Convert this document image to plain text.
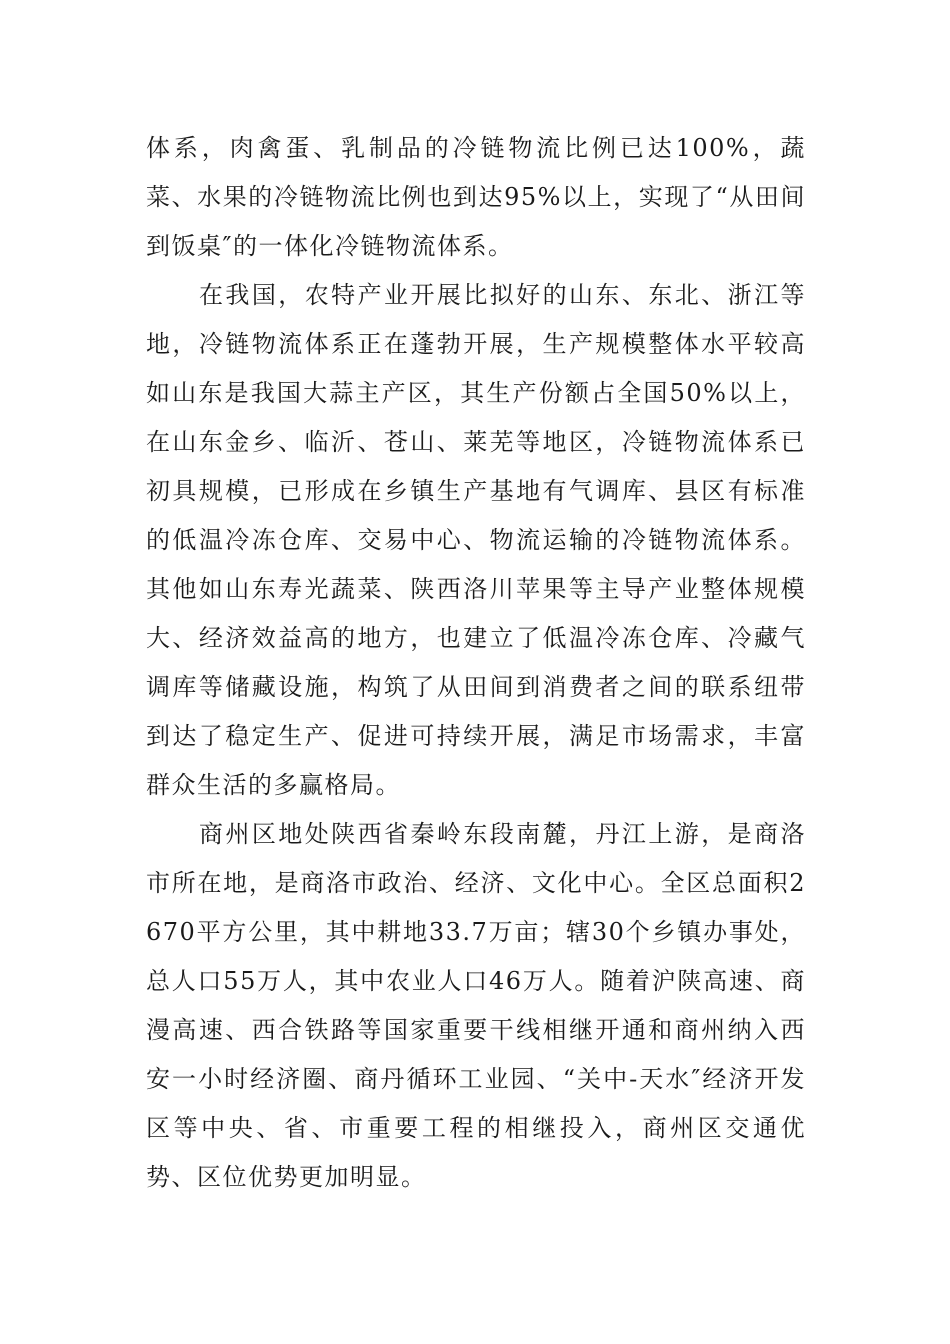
体系，肉禽蛋、乳制品的冷链物流比例已达100%，蔬菜、水果的冷链物流比例也到达95%以上，实现了“从田间到饭桌″的一体化冷链物流体系。

在我国，农特产业开展比拟好的山东、东北、浙江等地，冷链物流体系正在蓬勃开展，生产规模整体水平较高如山东是我国大蒜主产区，其生产份额占全国50%以上，在山东金乡、临沂、苍山、莱芜等地区，冷链物流体系已初具规模，已形成在乡镇生产基地有气调库、县区有标准的低温冷冻仓库、交易中心、物流运输的冷链物流体系。其他如山东寿光蔬菜、陕西洛川苹果等主导产业整体规模大、经济效益高的地方，也建立了低温冷冻仓库、冷藏气调库等储藏设施，构筑了从田间到消费者之间的联系纽带到达了稳定生产、促进可持续开展，满足市场需求，丰富群众生活的多赢格局。

商州区地处陕西省秦岭东段南麓，丹江上游，是商洛市所在地，是商洛市政治、经济、文化中心。全区总面积2670平方公里，其中耕地33.7万亩；辖30个乡镇办事处，总人口55万人，其中农业人口46万人。随着沪陕高速、商漫高速、西合铁路等国家重要干线相继开通和商州纳入西安一小时经济圈、商丹循环工业园、“关中-天水″经济开发区等中央、省、市重要工程的相继投入，商州区交通优势、区位优势更加明显。
